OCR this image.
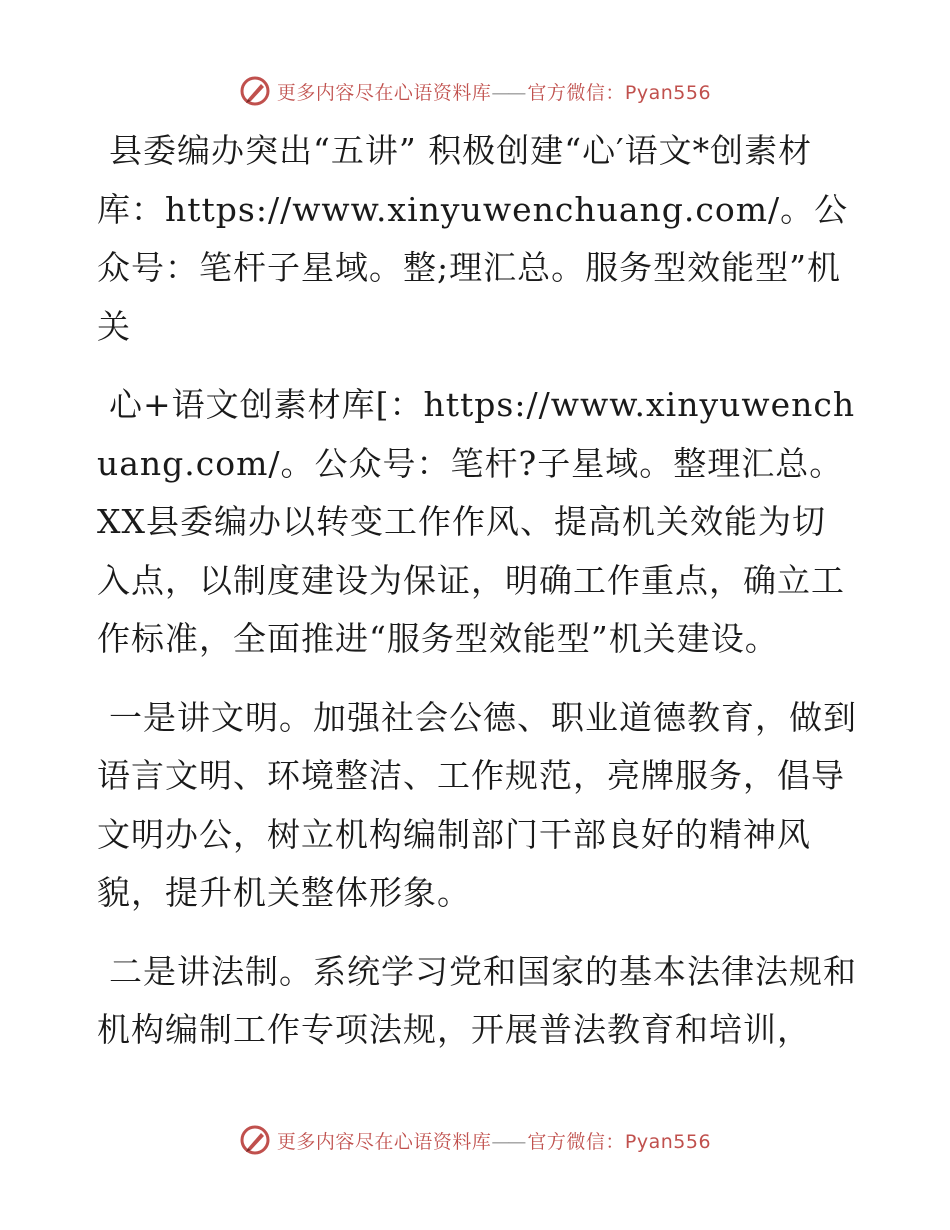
更多内容尽在心语资料库—— 官方微信：Pyan556

县委编办突出“五讲” 积极创建“心′语文*创素材库：https://www.xinyuwenchuang.com/。公众号：笔杆子星域。整;理汇总。服务型效能型”机关

心+语文创素材库[：https://www.xinyuwenchuang.com/。公众号：笔杆?子星域。整理汇总。XX县委编办以转变工作作风、提高机关效能为切入点，以制度建设为保证，明确工作重点，确立工作标准，全面推进“服务型效能型”机关建设。

一是讲文明。加强社会公德、职业道德教育，做到语言文明、环境整洁、工作规范，亮牌服务，倡导文明办公，树立机构编制部门干部良好的精神风貌，提升机关整体形象。

二是讲法制。系统学习党和国家的基本法律法规和机构编制工作专项法规，开展普法教育和培训，

更多内容尽在心语资料库—— 官方微信：Pyan556
